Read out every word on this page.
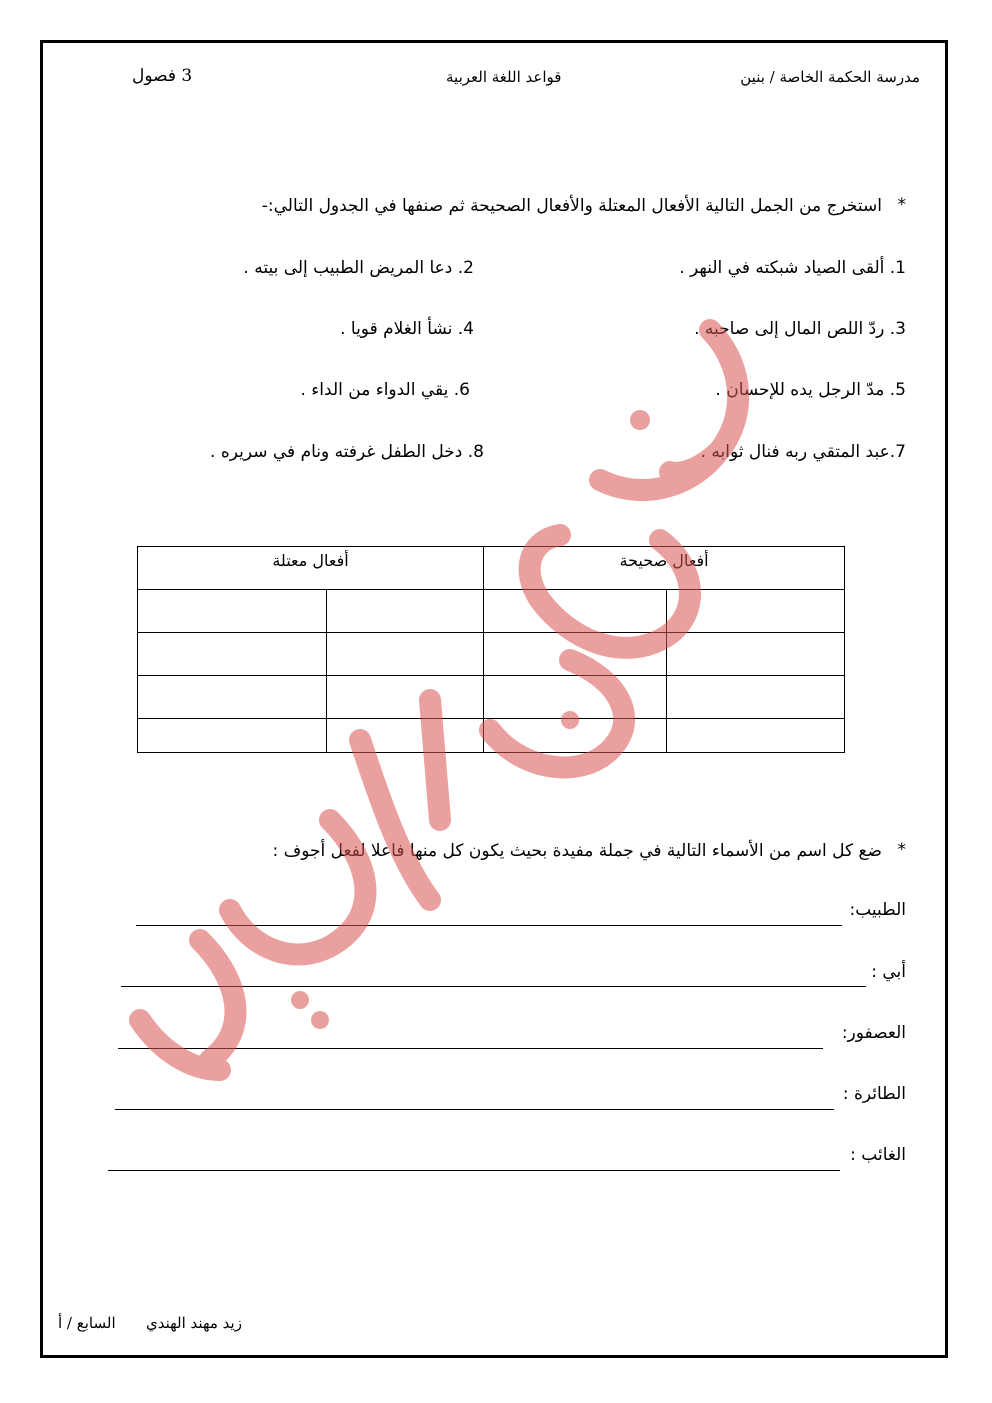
مدرسة الحكمة الخاصة / بنين
قواعد اللغة العربية
3 فصول
*
استخرج من الجمل التالية الأفعال المعتلة والأفعال الصحيحة ثم صنفها في الجدول التالي:-
1. ألقى الصياد شبكته في النهر .
2. دعا المريض الطبيب إلى بيته .
3. ردّ اللص المال إلى صاحبه .
4. نشأ الغلام قويا .
5. مدّ الرجل يده للإحسان .
6. يقي الدواء من الداء .
7.عبد المتقي ربه فنال ثوابه .
8. دخل الطفل غرفته ونام في سريره .
أفعال معتلة		أفعال صحيحة	

*
ضع كل اسم من الأسماء التالية في جملة مفيدة بحيث يكون كل منها فاعلا لفعل أجوف :
الطبيب:
أبي :
العصفور:
الطائرة :
الغائب :
السابع / أ زيد مهند الهندي
